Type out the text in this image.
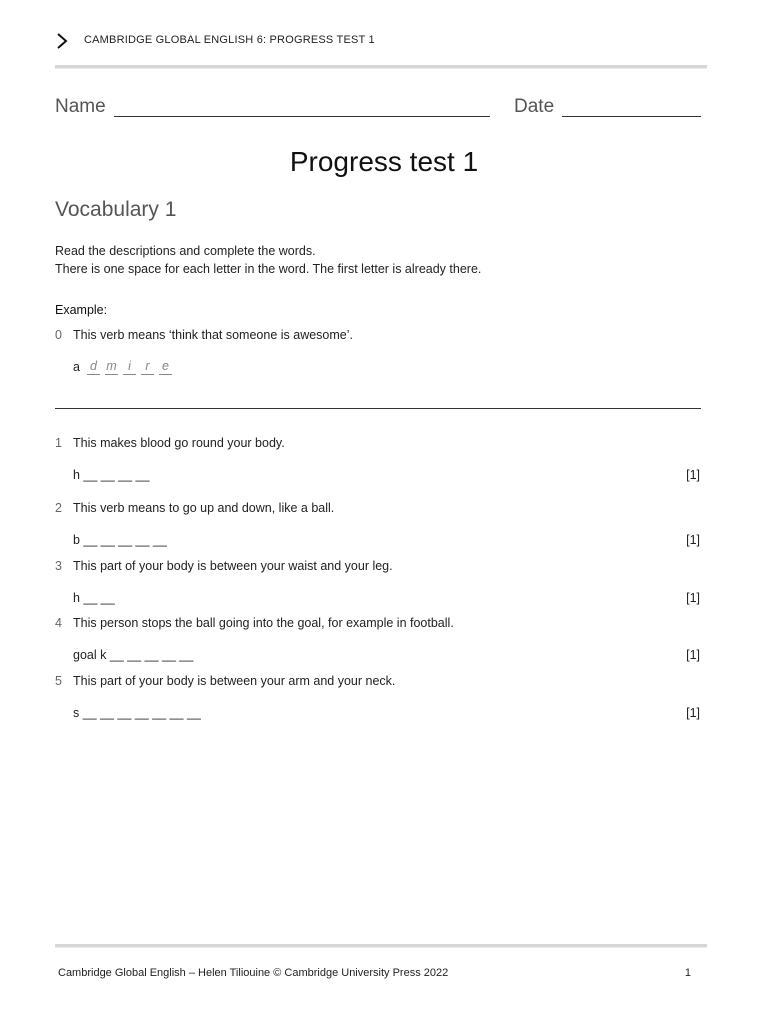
CAMBRIDGE GLOBAL ENGLISH 6: PROGRESS TEST 1
Name	Date
Progress test 1
Vocabulary 1
Read the descriptions and complete the words.
There is one space for each letter in the word. The first letter is already there.
Example:
0 This verb means ‘think that someone is awesome’.
a d m i r e
1 This makes blood go round your body.
h __ __ __ __	[1]
2 This verb means to go up and down, like a ball.
b __ __ __ __ __	[1]
3 This part of your body is between your waist and your leg.
h __ __	[1]
4 This person stops the ball going into the goal, for example in football.
goal k __ __ __ __ __	[1]
5 This part of your body is between your arm and your neck.
s __ __ __ __ __ __ __	[1]
Cambridge Global English – Helen Tiliouine © Cambridge University Press 2022	1
